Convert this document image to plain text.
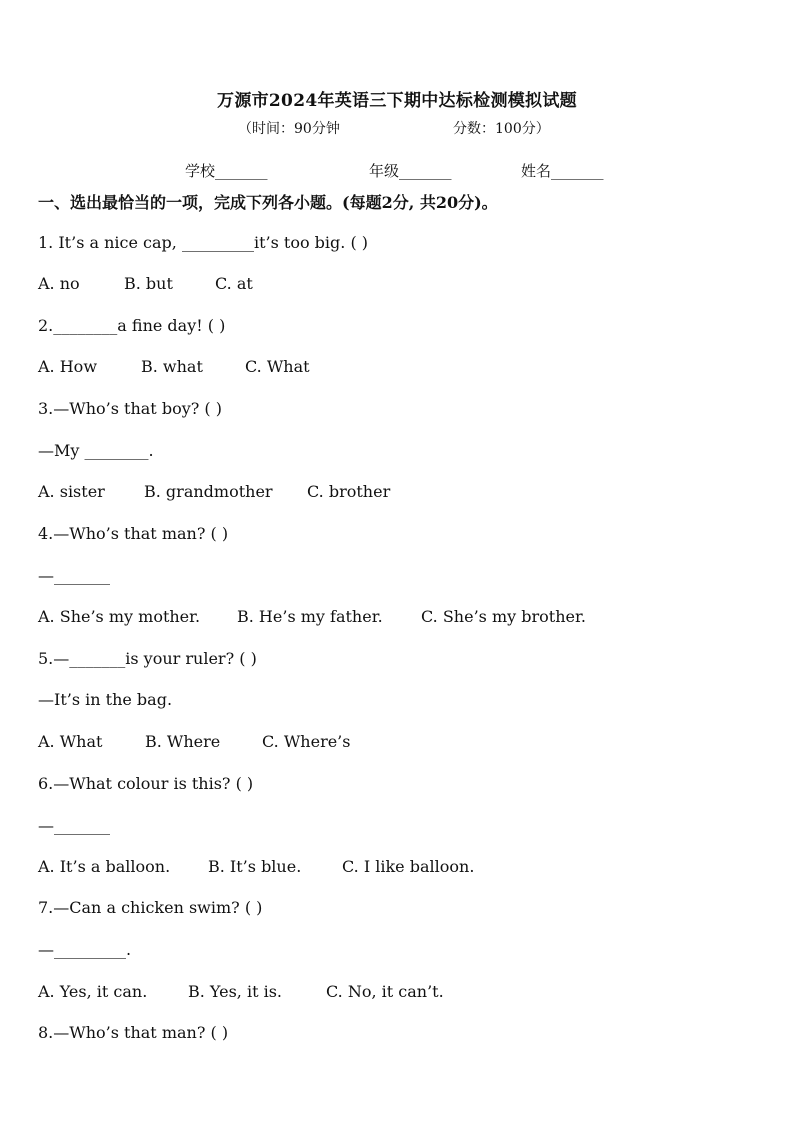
万源市2024年英语三下期中达标检测模拟试题
（时间：90分钟	分数：100分）
学校_______	年级_______	姓名_______
一、选出最恰当的一项，完成下列各小题。(每题2分, 共20分)。
1. It’s a nice cap, _________it’s too big. ( )
A. no	B. but	C. at
2.________a fine day! ( )
A. How	B. what	C. What
3.—Who’s that boy? ( )
—My ________.
A. sister B. grandmother C. brother
4.—Who’s that man? ( )
—_______
A. She’s my mother. B. He’s my father. C. She’s my brother.
5.—_______is your ruler? ( )
—It’s in the bag.
A. What	B. Where	C. Where’s
6.—What colour is this? ( )
—_______
A. It’s a balloon. B. It’s blue.	C. I like balloon.
7.—Can a chicken swim? ( )
—_________.
A. Yes, it can.	B. Yes, it is.	C. No, it can’t.
8.—Who’s that man? ( )
